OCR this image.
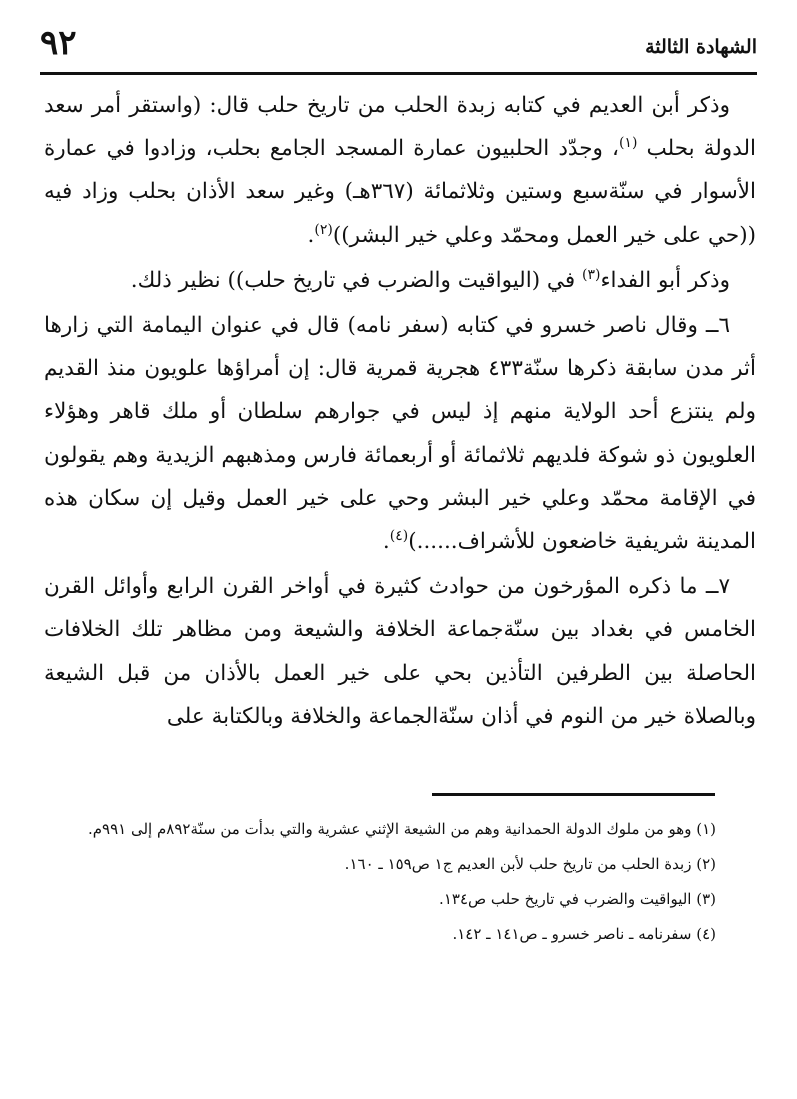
٩٢	الشهادة الثالثة

وذكر أبن العديم في كتابه زبدة الحلب من تاريخ حلب قال: (واستقر أمر سعد الدولة بحلب $^{(١)}$، وجدّد الحلبيون عمارة المسجد الجامع بحلب، وزادوا في عمارة الأسوار في سنّةسبع وستين وثلاثمائة (٣٦٧هـ) وغير سعد الأذان بحلب وزاد فيه ((حي على خير العمل ومحمّد وعلي خير البشر))$^{(٢)}$.

وذكر أبو الفداء$^{(٣)}$ في (اليواقيت والضرب في تاريخ حلب)) نظير ذلك.

٦ــ وقال ناصر خسرو في كتابه (سفر نامه) قال في عنوان اليمامة التي زارها أثر مدن سابقة ذكرها سنّة٤٣٣ هجرية قمرية قال: إن أمراؤها علويون منذ القديم ولم ينتزع أحد الولاية منهم إذ ليس في جوارهم سلطان أو ملك قاهر وهؤلاء العلويون ذو شوكة فلديهم ثلاثمائة أو أربعمائة فارس ومذهبهم الزيدية وهم يقولون في الإقامة محمّد وعلي خير البشر وحي على خير العمل وقيل إن سكان هذه المدينة شريفية خاضعون للأشراف......)$^{(٤)}$.

٧ــ ما ذكره المؤرخون من حوادث كثيرة في أواخر القرن الرابع وأوائل القرن الخامس في بغداد بين سنّةجماعة الخلافة والشيعة ومن مظاهر تلك الخلافات الحاصلة بين الطرفين التأذين بحي على خير العمل بالأذان من قبل الشيعة وبالصلاة خير من النوم في أذان سنّةالجماعة والخلافة وبالكتابة على

(١) وهو من ملوك الدولة الحمدانية وهم من الشيعة الإثني عشرية والتي بدأت من سنّة٨٩٢م إلى ٩٩١م.

(٢) زبدة الحلب من تاريخ حلب لأبن العديم ج١ ص١٥٩ ـ ١٦٠.

(٣) اليواقيت والضرب في تاريخ حلب ص١٣٤.

(٤) سفرنامه ـ ناصر خسرو ـ ص١٤١ ـ ١٤٢.
